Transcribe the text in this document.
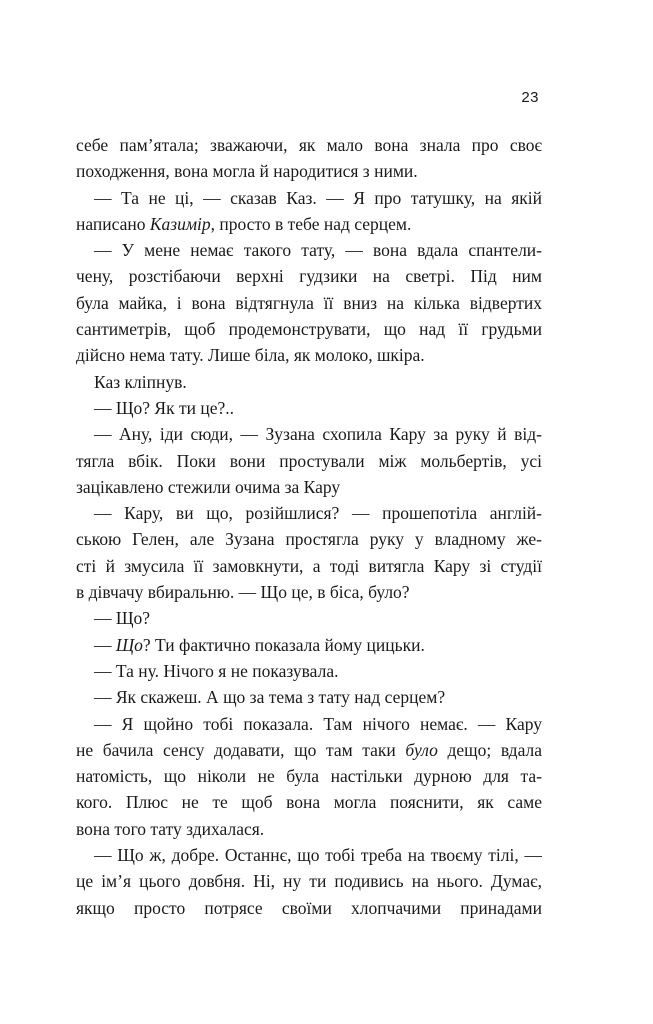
23
себе пам’ятала; зважаючи, як мало вона знала про своє
походження, вона могла й народитися з ними.
— Та не ці, — сказав Каз. — Я про татушку, на якій
написано Казимір, просто в тебе над серцем.
— У мене немає такого тату, — вона вдала спантели-
чену, розстібаючи верхні гудзики на светрі. Під ним
була майка, і вона відтягнула її вниз на кілька відвертих
сантиметрів, щоб продемонструвати, що над її грудьми
дійсно нема тату. Лише біла, як молоко, шкіра.
Каз кліпнув.
— Що? Як ти це?..
— Ану, іди сюди, — Зузана схопила Кару за руку й від-
тягла вбік. Поки вони простували між мольбертів, усі
зацікавлено стежили очима за Кару
— Кару, ви що, розійшлися? — прошепотіла англій-
ською Гелен, але Зузана простягла руку у владному же-
сті й змусила її замовкнути, а тоді витягла Кару зі студії
в дівчачу вбиральню. — Що це, в біса, було?
— Що?
— Що? Ти фактично показала йому цицьки.
— Та ну. Нічого я не показувала.
— Як скажеш. А що за тема з тату над серцем?
— Я щойно тобі показала. Там нічого немає. — Кару
не бачила сенсу додавати, що там таки було дещо; вдала
натомість, що ніколи не була настільки дурною для та-
кого. Плюс не те щоб вона могла пояснити, як саме
вона того тату здихалася.
— Що ж, добре. Останнє, що тобі треба на твоєму тілі, —
це ім’я цього довбня. Ні, ну ти подивись на нього. Думає,
якщо просто потрясе своїми хлопчачими принадами
